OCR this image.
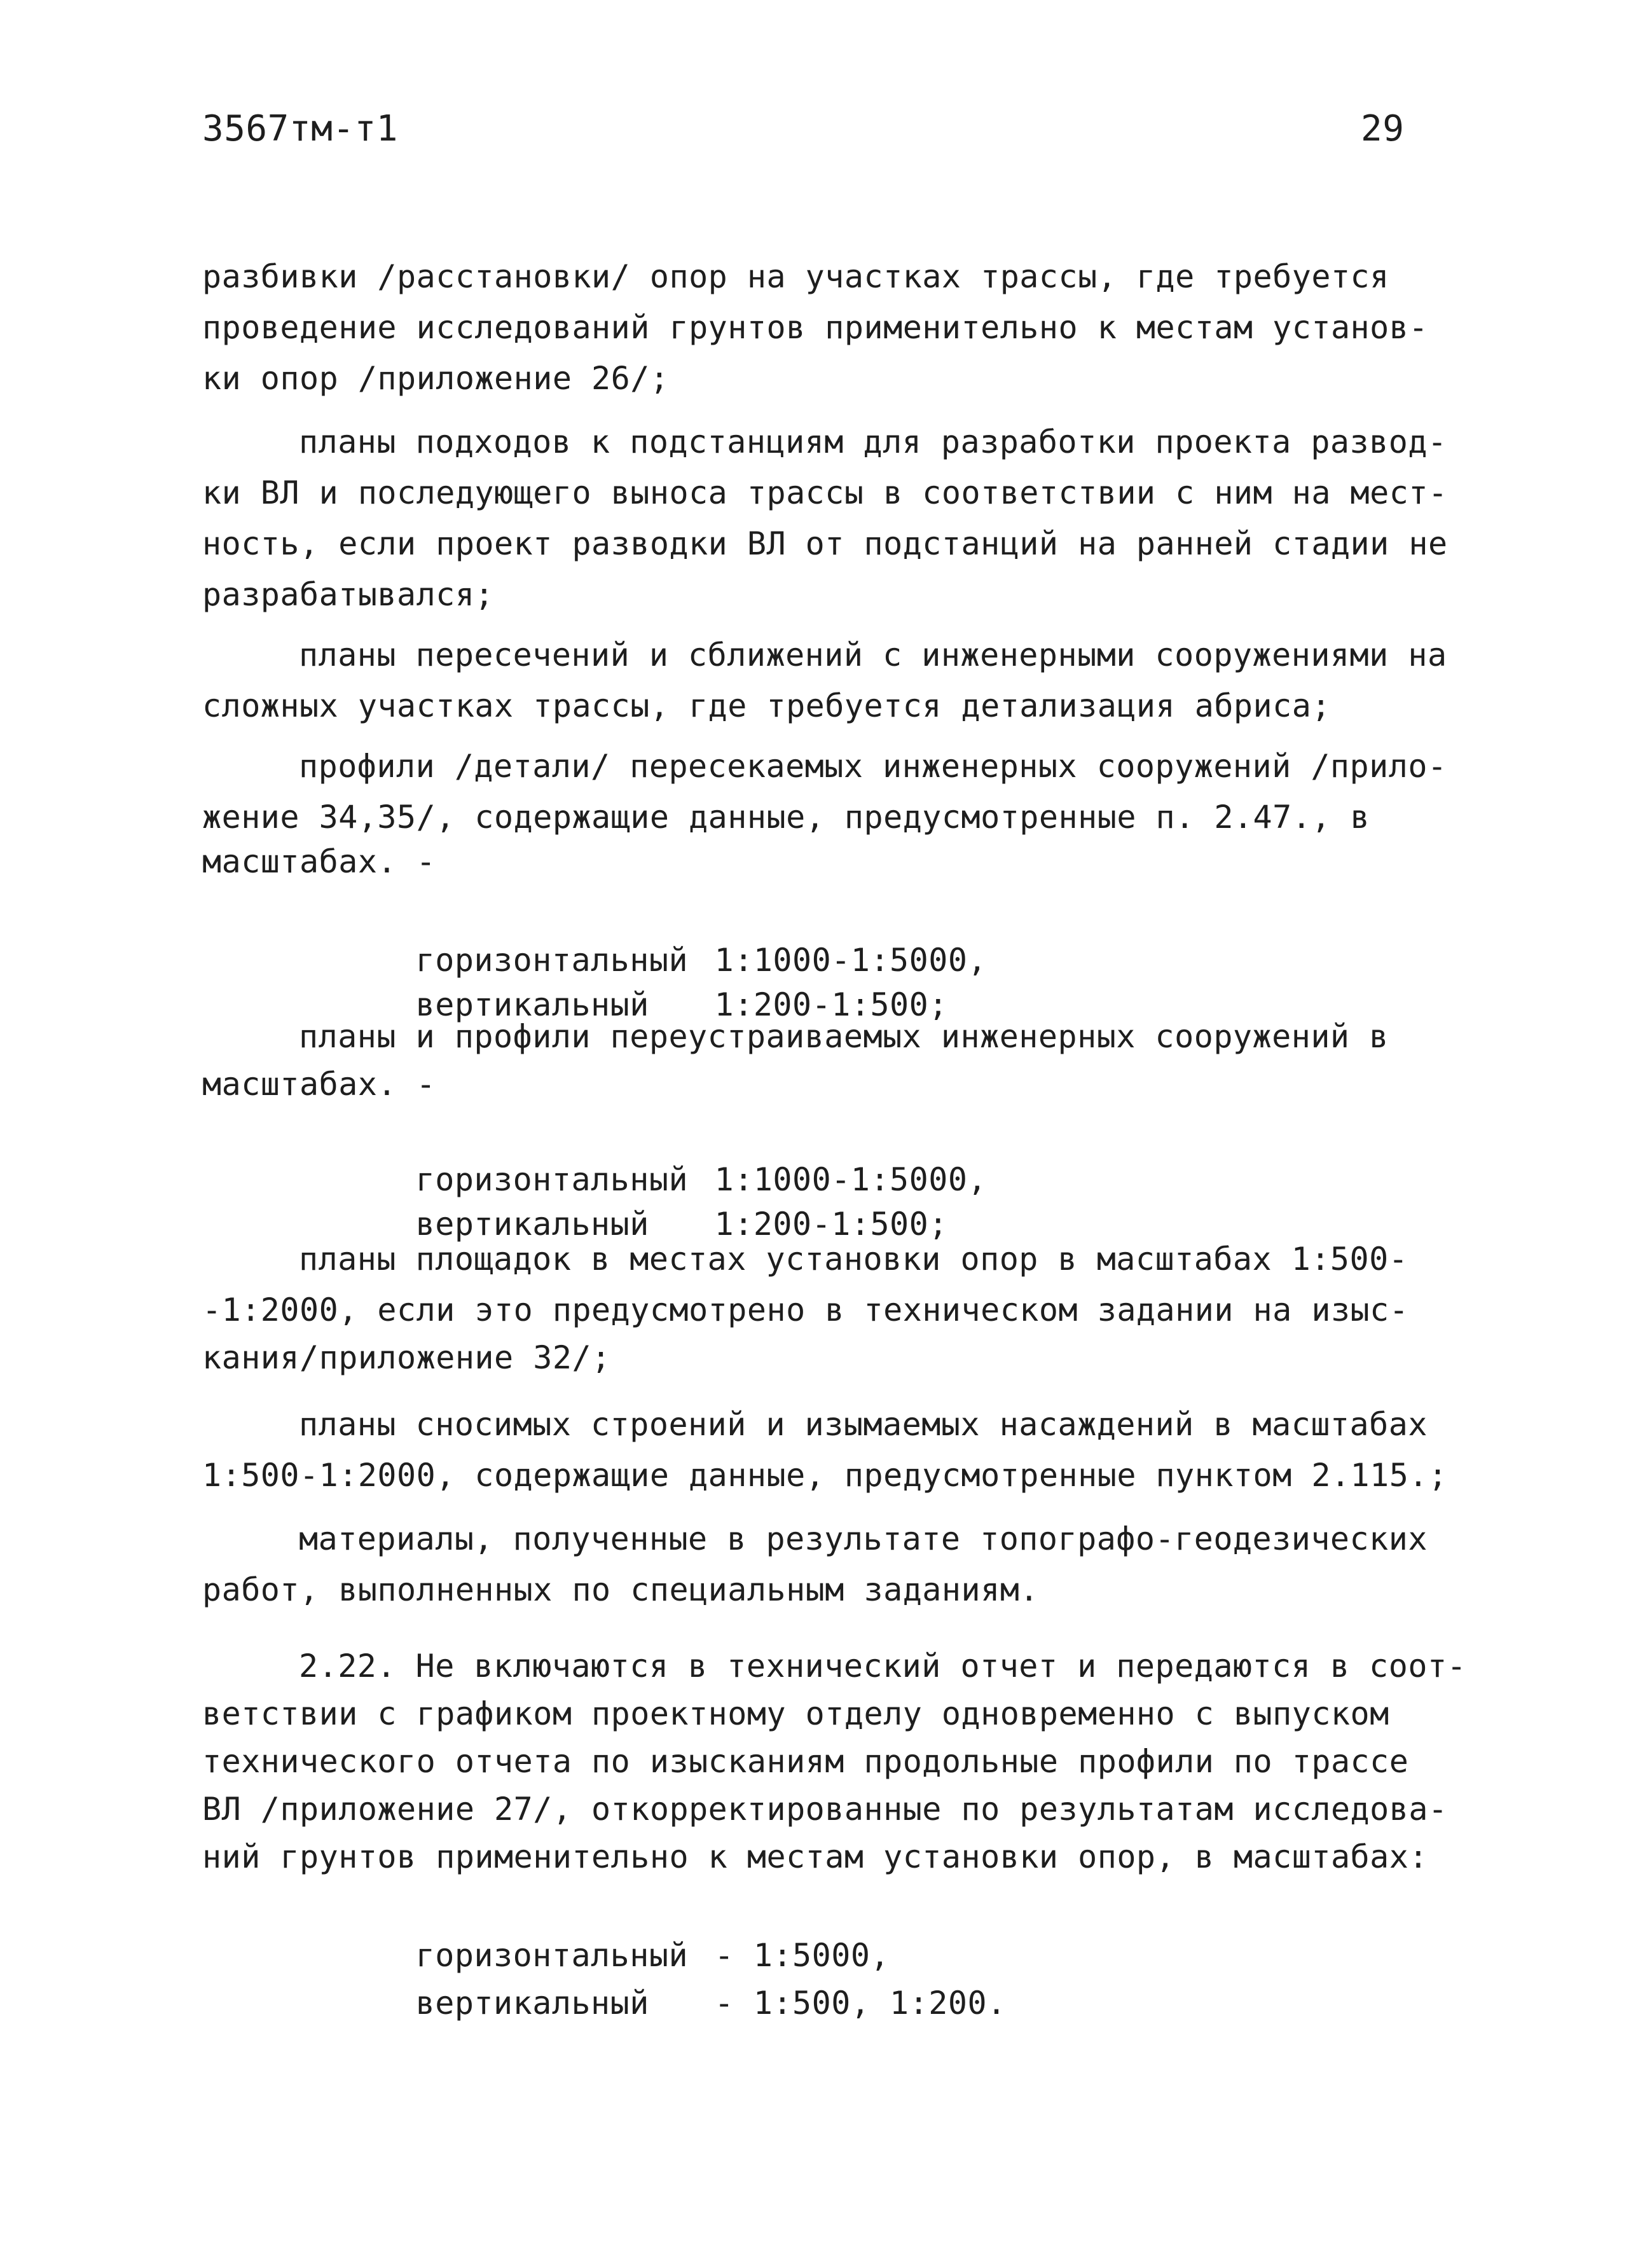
3567тм-т1	29
разбивки /расстановки/ опор на участках трассы, где требуется
проведение исследований грунтов применительно к местам установ-
ки опор /приложение 26/;
планы подходов к подстанциям для разработки проекта развод-
ки ВЛ и последующего выноса трассы в соответствии с ним на мест-
ность, если проект разводки ВЛ от подстанций на ранней стадии не
разрабатывался;
планы пересечений и сближений с инженерными сооружениями на
сложных участках трассы, где требуется детализация абриса;
профили /детали/ пересекаемых инженерных сооружений /прило-
жение 34,35/, содержащие данные, предусмотренные п. 2.47., в
масштабах. -

горизонтальный 1:1000-1:5000,

вертикальный 1:200-1:500;

планы и профили переустраиваемых инженерных сооружений в
масштабах. -

горизонтальный 1:1000-1:5000,

вертикальный 1:200-1:500;

планы площадок в местах установки опор в масштабах 1:500-
-1:2000, если это предусмотрено в техническом задании на изыс-
кания/приложение 32/;
планы сносимых строений и изымаемых насаждений в масштабах
1:500-1:2000, содержащие данные, предусмотренные пунктом 2.115.;
материалы, полученные в результате топографо-геодезических
работ, выполненных по специальным заданиям.
2.22. Не включаются в технический отчет и передаются в соот-
ветствии с графиком проектному отделу одновременно с выпуском
технического отчета по изысканиям продольные профили по трассе
ВЛ /приложение 27/, откорректированные по результатам исследова-
ний грунтов применительно к местам установки опор, в масштабах:

горизонтальный - 1:5000,

вертикальный - 1:500, 1:200.
